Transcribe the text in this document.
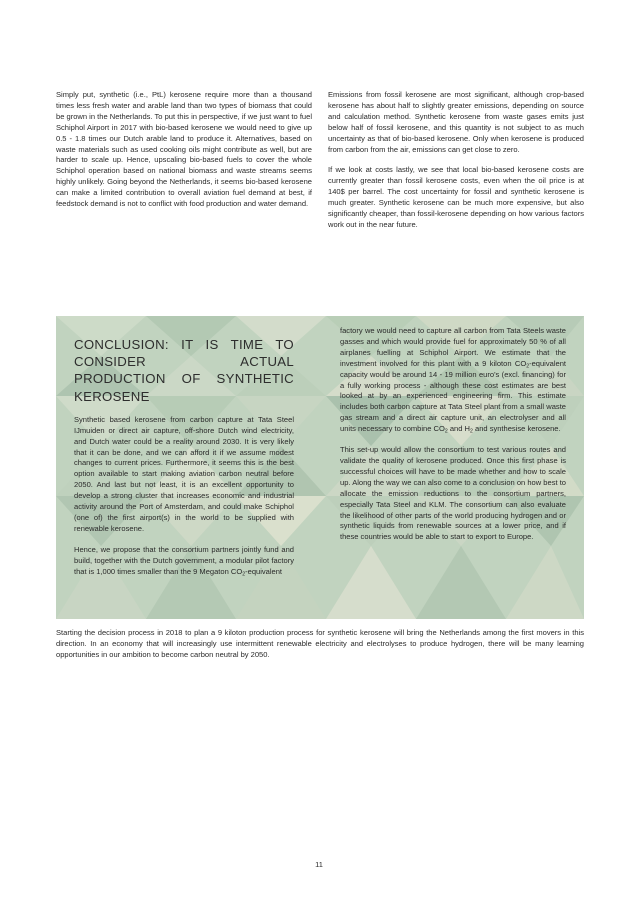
Simply put, synthetic (i.e., PtL) kerosene require more than a thousand times less fresh water and arable land than two types of biomass that could be grown in the Netherlands. To put this in perspective, if we just want to fuel Schiphol Airport in 2017 with bio-based kerosene we would need to give up 0.5 - 1.8 times our Dutch arable land to produce it. Alternatives, based on waste materials such as used cooking oils might contribute as well, but are harder to scale up. Hence, upscaling bio-based fuels to cover the whole Schiphol operation based on national biomass and waste streams seems highly unlikely. Going beyond the Netherlands, it seems bio-based kerosene can make a limited contribution to overall aviation fuel demand at best, if feedstock demand is not to conflict with food production and water demand.

Emissions from fossil kerosene are most significant, although crop-based kerosene has about half to slightly greater emissions, depending on source and calculation method. Synthetic kerosene from waste gases emits just below half of fossil kerosene, and this quantity is not subject to as much uncertainty as that of bio-based kerosene. Only when kerosene is produced from carbon from the air, emissions can get close to zero.

If we look at costs lastly, we see that local bio-based kerosene costs are currently greater than fossil kerosene costs, even when the oil price is at 140$ per barrel. The cost uncertainty for fossil and synthetic kerosene is much greater. Synthetic kerosene can be much more expensive, but also significantly cheaper, than fossil-kerosene depending on how various factors work out in the near future.

CONCLUSION: IT IS TIME TO CONSIDER ACTUAL PRODUCTION OF SYNTHETIC KEROSENE

Synthetic based kerosene from carbon capture at Tata Steel IJmuiden or direct air capture, off-shore Dutch wind electricity, and Dutch water could be a reality around 2030. It is very likely that it can be done, and we can afford it if we assume modest changes to current prices. Furthermore, it seems this is the best option available to start making aviation carbon neutral before 2050. And last but not least, it is an excellent opportunity to develop a strong cluster that increases economic and industrial activity around the Port of Amsterdam, and could make Schiphol (one of) the first airport(s) in the world to be supplied with renewable kerosene.

Hence, we propose that the consortium partners jointly fund and build, together with the Dutch government, a modular pilot factory that is 1,000 times smaller than the 9 Megaton $CO_2$-equivalent

factory we would need to capture all carbon from Tata Steels waste gasses and which would provide fuel for approximately 50 % of all airplanes fuelling at Schiphol Airport. We estimate that the investment involved for this plant with a 9 kiloton $CO_2$-equivalent capacity would be around 14 - 19 million euro's (excl. financing) for a fully working process - although these cost estimates are best looked at by an experienced engineering firm. This estimate includes both carbon capture at Tata Steel plant from a small waste gas stream and a direct air capture unit, an electrolyser and all units necessary to combine $CO_2$ and $H_2$ and synthesise kerosene.

This set-up would allow the consortium to test various routes and validate the quality of kerosene produced. Once this first phase is successful choices will have to be made whether and how to scale up. Along the way we can also come to a conclusion on how best to allocate the emission reductions to the consortium partners, especially Tata Steel and KLM. The consortium can also evaluate the likelihood of other parts of the world producing hydrogen and or synthetic liquids from renewable sources at a lower price, and if these countries would be able to start to export to Europe.

Starting the decision process in 2018 to plan a 9 kiloton production process for synthetic kerosene will bring the Netherlands among the first movers in this direction. In an economy that will increasingly use intermittent renewable electricity and electrolyses to produce hydrogen, there will be many learning opportunities in our ambition to become carbon neutral by 2050.

11
